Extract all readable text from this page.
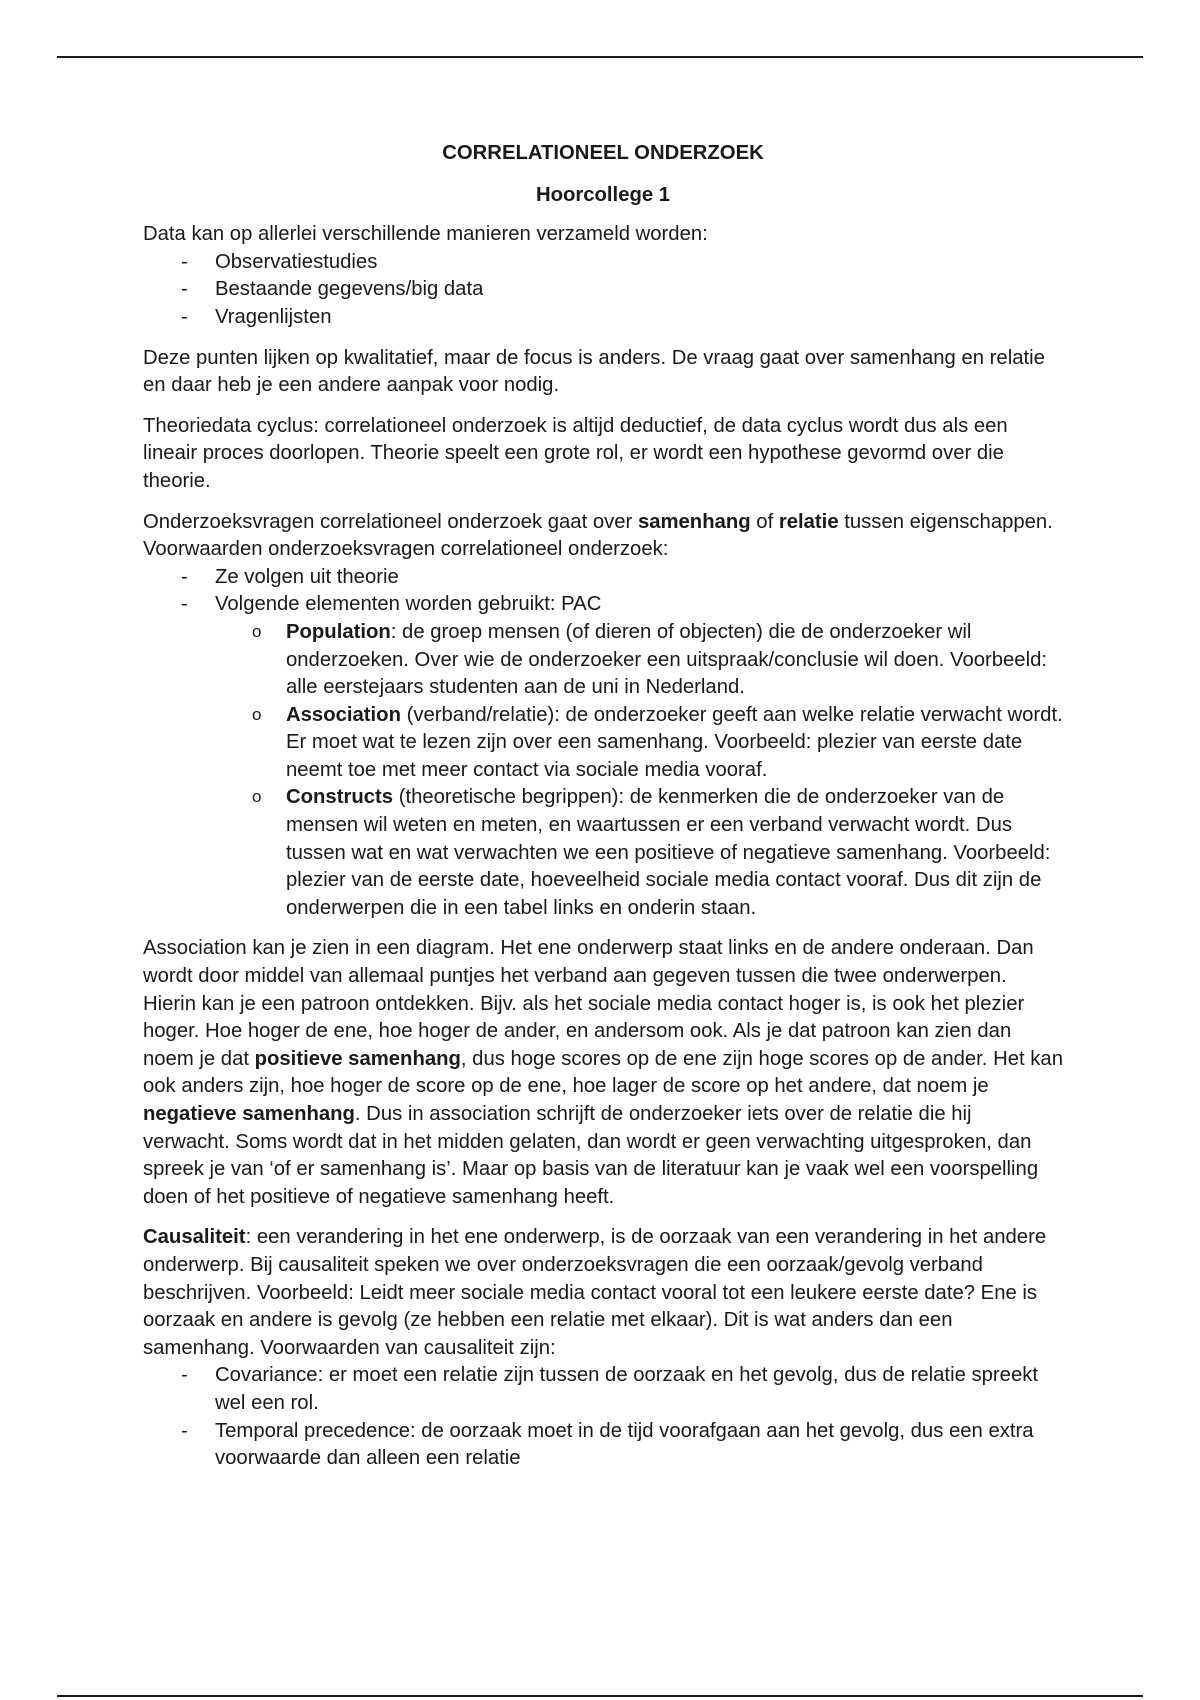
CORRELATIONEEL ONDERZOEK

Hoorcollege 1

Data kan op allerlei verschillende manieren verzameld worden:

- Observatiestudies
- Bestaande gegevens/big data
- Vragenlijsten

Deze punten lijken op kwalitatief, maar de focus is anders. De vraag gaat over samenhang en relatie en daar heb je een andere aanpak voor nodig.

Theoriedata cyclus: correlationeel onderzoek is altijd deductief, de data cyclus wordt dus als een lineair proces doorlopen. Theorie speelt een grote rol, er wordt een hypothese gevormd over die theorie.

Onderzoeksvragen correlationeel onderzoek gaat over samenhang of relatie tussen eigenschappen. Voorwaarden onderzoeksvragen correlationeel onderzoek:

- Ze volgen uit theorie
- Volgende elementen worden gebruikt: PAC
o Population: de groep mensen (of dieren of objecten) die de onderzoeker wil onderzoeken. Over wie de onderzoeker een uitspraak/conclusie wil doen. Voorbeeld: alle eerstejaars studenten aan de uni in Nederland.
o Association (verband/relatie): de onderzoeker geeft aan welke relatie verwacht wordt. Er moet wat te lezen zijn over een samenhang. Voorbeeld: plezier van eerste date neemt toe met meer contact via sociale media vooraf.
o Constructs (theoretische begrippen): de kenmerken die de onderzoeker van de mensen wil weten en meten, en waartussen er een verband verwacht wordt. Dus tussen wat en wat verwachten we een positieve of negatieve samenhang. Voorbeeld: plezier van de eerste date, hoeveelheid sociale media contact vooraf. Dus dit zijn de onderwerpen die in een tabel links en onderin staan.

Association kan je zien in een diagram. Het ene onderwerp staat links en de andere onderaan. Dan wordt door middel van allemaal puntjes het verband aan gegeven tussen die twee onderwerpen. Hierin kan je een patroon ontdekken. Bijv. als het sociale media contact hoger is, is ook het plezier hoger. Hoe hoger de ene, hoe hoger de ander, en andersom ook. Als je dat patroon kan zien dan noem je dat positieve samenhang, dus hoge scores op de ene zijn hoge scores op de ander. Het kan ook anders zijn, hoe hoger de score op de ene, hoe lager de score op het andere, dat noem je negatieve samenhang. Dus in association schrijft de onderzoeker iets over de relatie die hij verwacht. Soms wordt dat in het midden gelaten, dan wordt er geen verwachting uitgesproken, dan spreek je van ‘of er samenhang is’. Maar op basis van de literatuur kan je vaak wel een voorspelling doen of het positieve of negatieve samenhang heeft.

Causaliteit: een verandering in het ene onderwerp, is de oorzaak van een verandering in het andere onderwerp. Bij causaliteit speken we over onderzoeksvragen die een oorzaak/gevolg verband beschrijven. Voorbeeld: Leidt meer sociale media contact vooral tot een leukere eerste date? Ene is oorzaak en andere is gevolg (ze hebben een relatie met elkaar). Dit is wat anders dan een samenhang. Voorwaarden van causaliteit zijn:

- Covariance: er moet een relatie zijn tussen de oorzaak en het gevolg, dus de relatie spreekt wel een rol.
- Temporal precedence: de oorzaak moet in de tijd voorafgaan aan het gevolg, dus een extra voorwaarde dan alleen een relatie
